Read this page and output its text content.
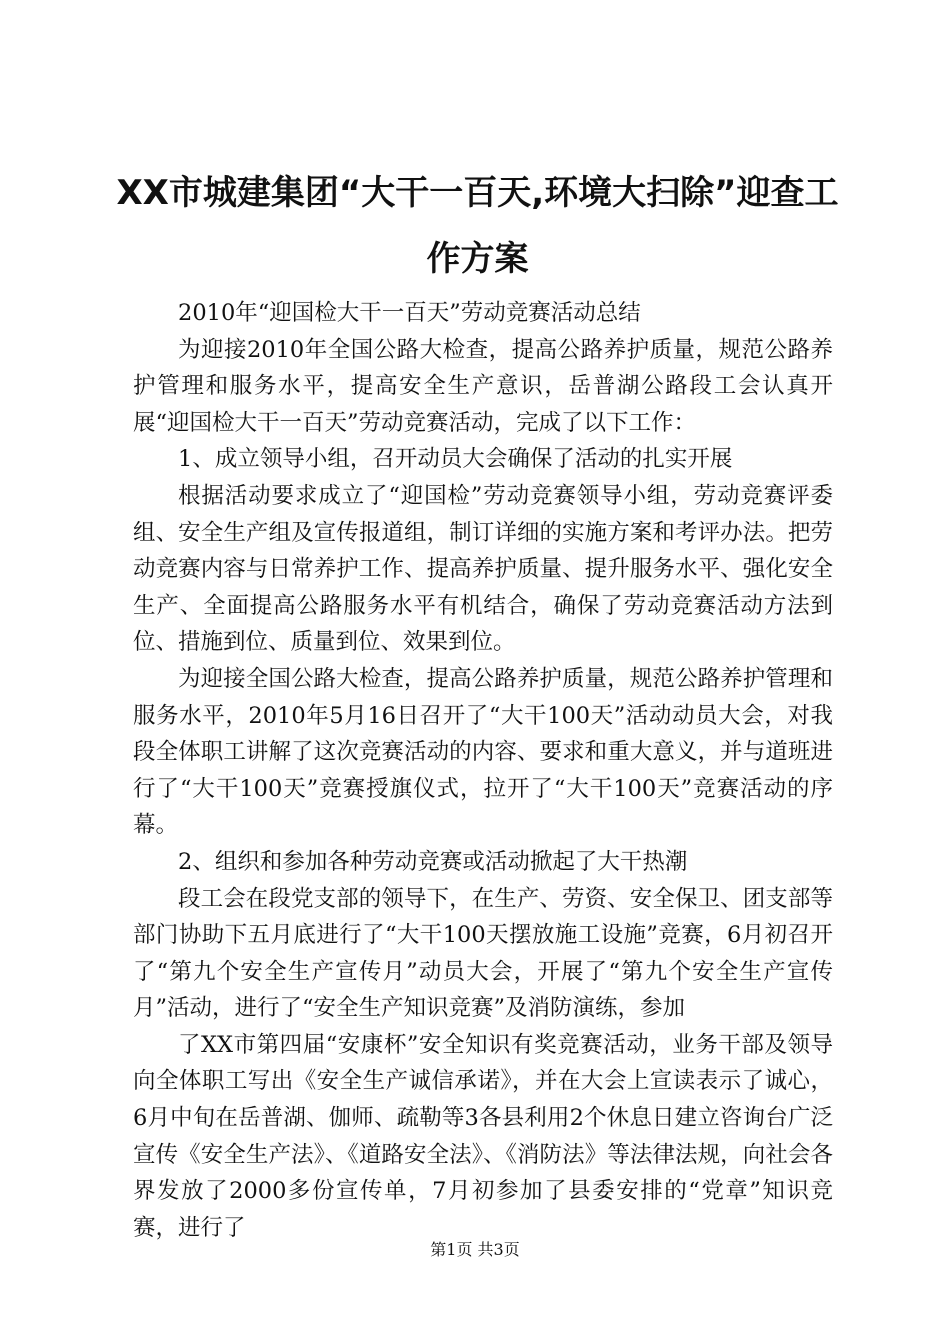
XX市城建集团“大干一百天,环境大扫除”迎查工作方案

2010年“迎国检大干一百天”劳动竞赛活动总结

为迎接2010年全国公路大检查，提高公路养护质量，规范公路养护管理和服务水平，提高安全生产意识，岳普湖公路段工会认真开展“迎国检大干一百天”劳动竞赛活动，完成了以下工作：

1、成立领导小组，召开动员大会确保了活动的扎实开展

根据活动要求成立了“迎国检”劳动竞赛领导小组，劳动竞赛评委组、安全生产组及宣传报道组，制订详细的实施方案和考评办法。把劳动竞赛内容与日常养护工作、提高养护质量、提升服务水平、强化安全生产、全面提高公路服务水平有机结合，确保了劳动竞赛活动方法到位、措施到位、质量到位、效果到位。

为迎接全国公路大检查，提高公路养护质量，规范公路养护管理和服务水平，2010年5月16日召开了“大干100天”活动动员大会，对我段全体职工讲解了这次竞赛活动的内容、要求和重大意义，并与道班进行了“大干100天”竞赛授旗仪式，拉开了“大干100天”竞赛活动的序幕。

2、组织和参加各种劳动竞赛或活动掀起了大干热潮

段工会在段党支部的领导下，在生产、劳资、安全保卫、团支部等部门协助下五月底进行了“大干100天摆放施工设施”竞赛，6月初召开了“第九个安全生产宣传月”动员大会，开展了“第九个安全生产宣传月”活动，进行了“安全生产知识竞赛”及消防演练，参加

了XX市第四届“安康杯”安全知识有奖竞赛活动，业务干部及领导向全体职工写出《安全生产诚信承诺》，并在大会上宣读表示了诚心，6月中旬在岳普湖、伽师、疏勒等3各县利用2个休息日建立咨询台广泛宣传《安全生产法》、《道路安全法》、《消防法》等法律法规，向社会各界发放了2000多份宣传单，7月初参加了县委安排的“党章”知识竞赛，进行了

第1页 共3页
